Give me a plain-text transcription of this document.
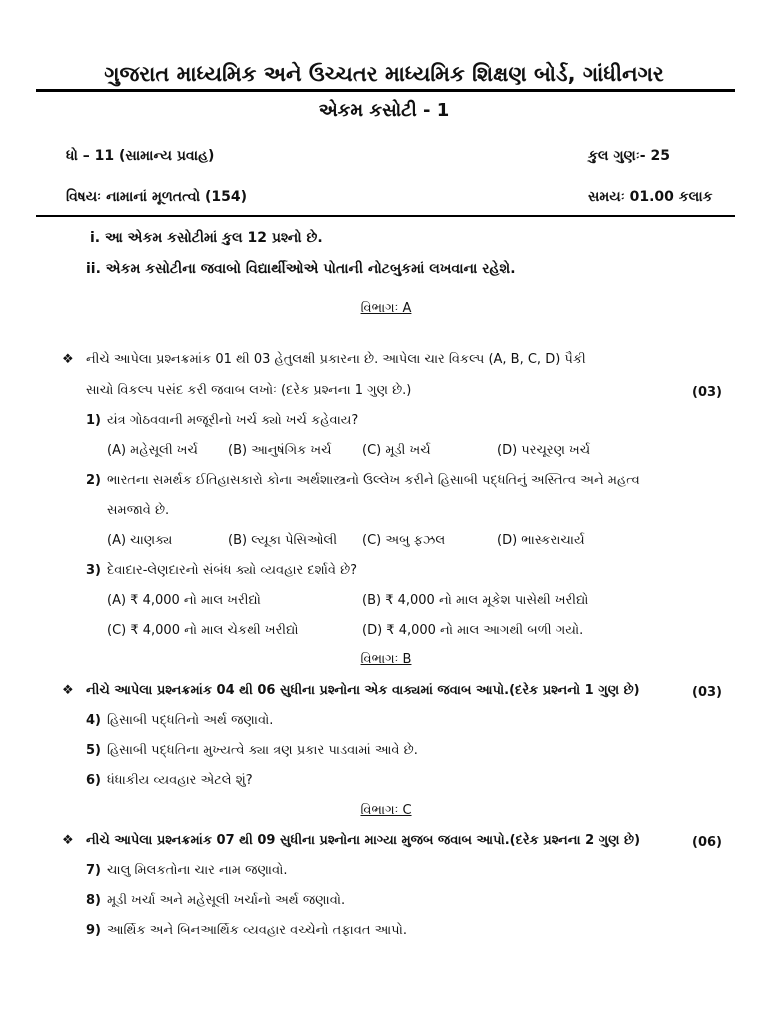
ગુજરાત માધ્યમિક અને ઉચ્ચતર માધ્યમિક શિક્ષણ બોર્ડ, ગાંધીનગર
એકમ કસોટી - 1
ધો – 11 (સામાન્ય પ્રવાહ)	કુલ ગુણઃ- 25
વિષયઃ નામાનાં મૂળતત્વો (154)	સમયઃ 01.00 કલાક
i. આ એકમ કસોટીમાં કુલ 12 પ્રશ્નો છે.
ii. એકમ કસોટીના જવાબો વિદ્યાર્થીઓએ પોતાની નોટબુકમાં લખવાના રહેશે.
વિભાગઃ A
❖ નીચે આપેલા પ્રશ્નક્રમાંક 01 થી 03 હેતુલક્ષી પ્રકારના છે. આપેલા ચાર વિકલ્પ (A, B, C, D) પૈકી
સાચો વિકલ્પ પસંદ કરી જવાબ લખોઃ (દરેક પ્રશ્નના 1 ગુણ છે.)	(03)
1) યંત્ર ગોઠવવાની મજૂરીનો ખર્ચ ક્યો ખર્ચ કહેવાય?
(A) મહેસૂલી ખર્ચ (B) આનુષંગિક ખર્ચ (C) મૂડી ખર્ચ	(D) પરચૂરણ ખર્ચ
2) ભારતના સમર્થક ઈતિહાસકારો કોના અર્થશાસ્ત્રનો ઉલ્લેખ કરીને હિસાબી પદ્ધતિનું અસ્તિત્વ અને મહત્વ
સમજાવે છે.
(A) ચાણક્ય	(B) લ્યૂકા પેસિઓલી (C) અબુ ફઝલ	(D) ભાસ્કરાચાર્ય
3) દેવાદાર-લેણદારનો સંબંધ ક્યો વ્યવહાર દર્શાવે છે?
(A) ₹ 4,000 નો માલ ખરીદ્યો	(B) ₹ 4,000 નો માલ મૂકેશ પાસેથી ખરીદ્યો
(C) ₹ 4,000 નો માલ ચેકથી ખરીદ્યો	(D) ₹ 4,000 નો માલ આગથી બળી ગયો.
વિભાગઃ B
❖ નીચે આપેલા પ્રશ્નક્રમાંક 04 થી 06 સુધીના પ્રશ્નોના એક વાક્યમાં જવાબ આપો.(દરેક પ્રશ્નનો 1 ગુણ છે)	(03)
4) હિસાબી પદ્ધતિનો અર્થ જણાવો.
5) હિસાબી પદ્ધતિના મુખ્યત્વે ક્યા ત્રણ પ્રકાર પાડવામાં આવે છે.
6) ધંધાકીય વ્યવહાર એટલે શું?
વિભાગઃ C
❖ નીચે આપેલા પ્રશ્નક્રમાંક 07 થી 09 સુધીના પ્રશ્નોના માગ્યા મુજબ જવાબ આપો.(દરેક પ્રશ્નના 2 ગુણ છે)	(06)
7) ચાલુ મિલકતોના ચાર નામ જણાવો.
8) મૂડી ખર્ચા અને મહેસૂલી ખર્ચાનો અર્થ જણાવો.
9) આર્થિક અને બિનઆર્થિક વ્યવહાર વચ્ચેનો તફાવત આપો.
